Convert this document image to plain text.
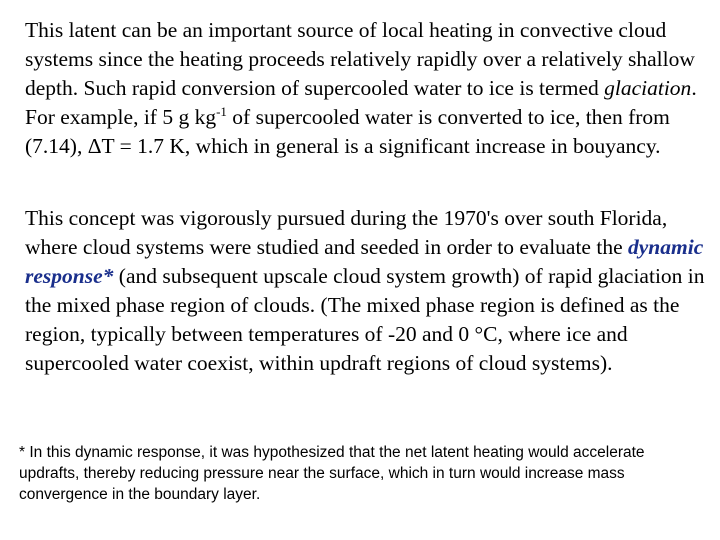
This latent can be an important source of local heating in convective cloud systems since the heating proceeds relatively rapidly over a relatively shallow depth. Such rapid conversion of supercooled water to ice is termed glaciation. For example, if 5 g $kg^{-1}$ of supercooled water is converted to ice, then from (7.14), ΔT = 1.7 K, which in general is a significant increase in bouyancy.

This concept was vigorously pursued during the 1970's over south Florida, where cloud systems were studied and seeded in order to evaluate the dynamic response* (and subsequent upscale cloud system growth) of rapid glaciation in the mixed phase region of clouds. (The mixed phase region is defined as the region, typically between temperatures of -20 and 0 °C, where ice and supercooled water coexist, within updraft regions of cloud systems).

* In this dynamic response, it was hypothesized that the net latent heating would accelerate updrafts, thereby reducing pressure near the surface, which in turn would increase mass convergence in the boundary layer.
